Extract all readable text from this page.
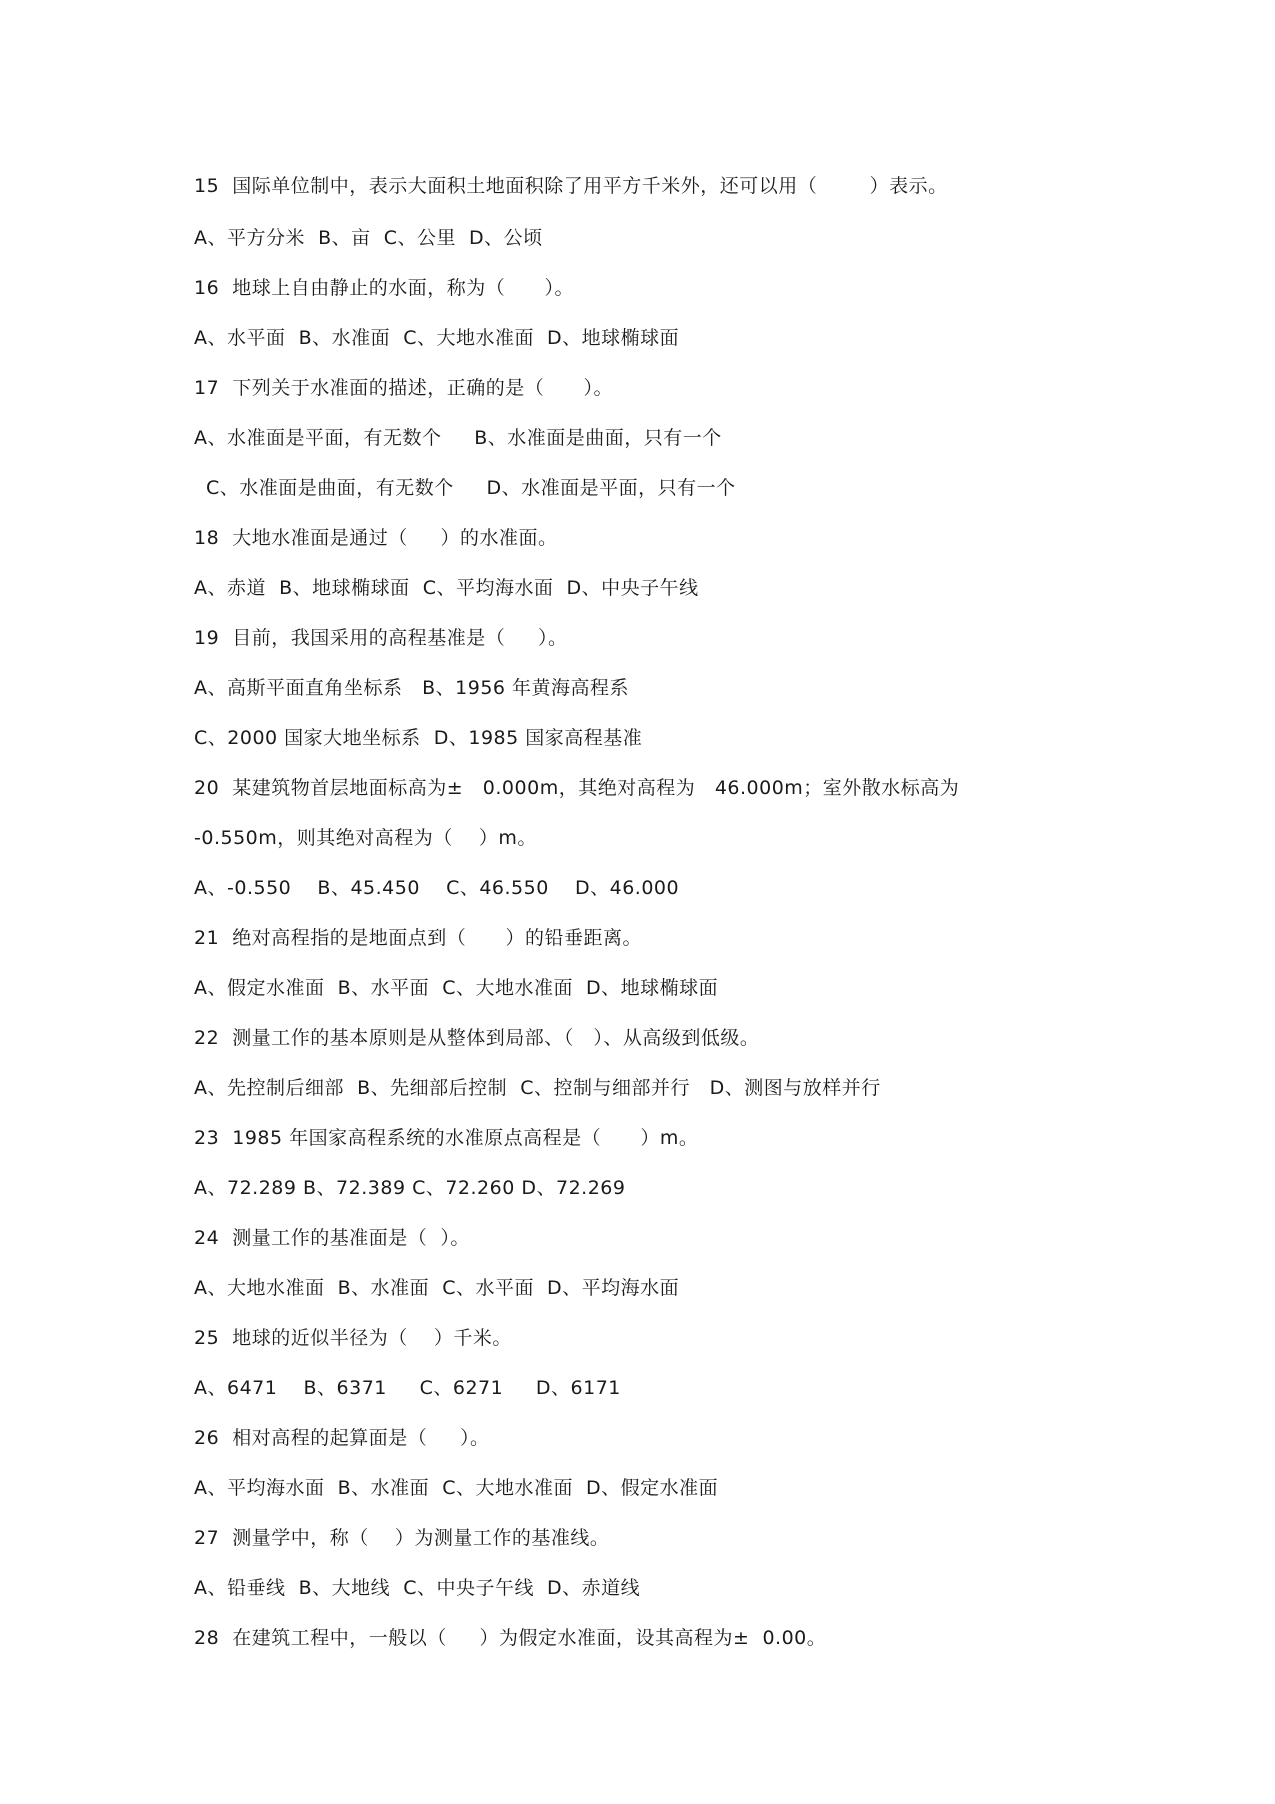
15  国际单位制中，表示大面积土地面积除了用平方千米外，还可以用（        ）表示。
A、平方分米  B、亩  C、公里  D、公顷
16  地球上自由静止的水面，称为（      ）。
A、水平面  B、水准面  C、大地水准面  D、地球椭球面
17  下列关于水准面的描述，正确的是（      ）。
A、水准面是平面，有无数个     B、水准面是曲面，只有一个
C、水准面是曲面，有无数个     D、水准面是平面，只有一个
18  大地水准面是通过（     ）的水准面。
A、赤道  B、地球椭球面  C、平均海水面  D、中央子午线
19  目前，我国采用的高程基准是（     ）。
A、高斯平面直角坐标系   B、1956 年黄海高程系
C、2000 国家大地坐标系  D、1985 国家高程基准
20  某建筑物首层地面标高为±   0.000m，其绝对高程为   46.000m；室外散水标高为
-0.550m，则其绝对高程为（    ）m。
A、-0.550    B、45.450    C、46.550    D、46.000
21  绝对高程指的是地面点到（      ）的铅垂距离。
A、假定水准面  B、水平面  C、大地水准面  D、地球椭球面
22  测量工作的基本原则是从整体到局部、（   ）、从高级到低级。
A、先控制后细部  B、先细部后控制  C、控制与细部并行   D、测图与放样并行
23  1985 年国家高程系统的水准原点高程是（      ）m。
A、72.289 B、72.389 C、72.260 D、72.269
24  测量工作的基准面是（  ）。
A、大地水准面  B、水准面  C、水平面  D、平均海水面
25  地球的近似半径为（    ）千米。
A、6471    B、6371     C、6271     D、6171
26  相对高程的起算面是（     ）。
A、平均海水面  B、水准面  C、大地水准面  D、假定水准面
27  测量学中，称（    ）为测量工作的基准线。
A、铅垂线  B、大地线  C、中央子午线  D、赤道线
28  在建筑工程中，一般以（     ）为假定水准面，设其高程为±  0.00。
